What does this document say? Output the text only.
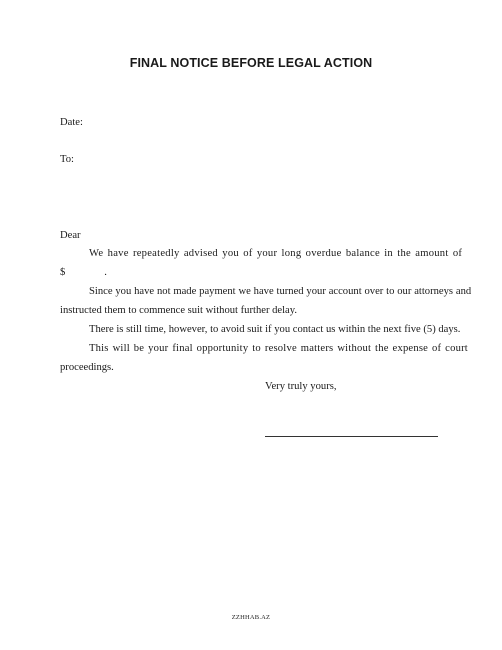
FINAL NOTICE BEFORE LEGAL ACTION
Date:
To:
Dear
We have repeatedly advised you of your long overdue balance in the amount of
$	.
Since you have not made payment we have turned your account over to our attorneys and
instructed them to commence suit without further delay.
There is still time, however, to avoid suit if you contact us within the next five (5) days.
This will be your final opportunity to resolve matters without the expense of court
proceedings.
Very truly yours,
ZZHHAB.AZ
